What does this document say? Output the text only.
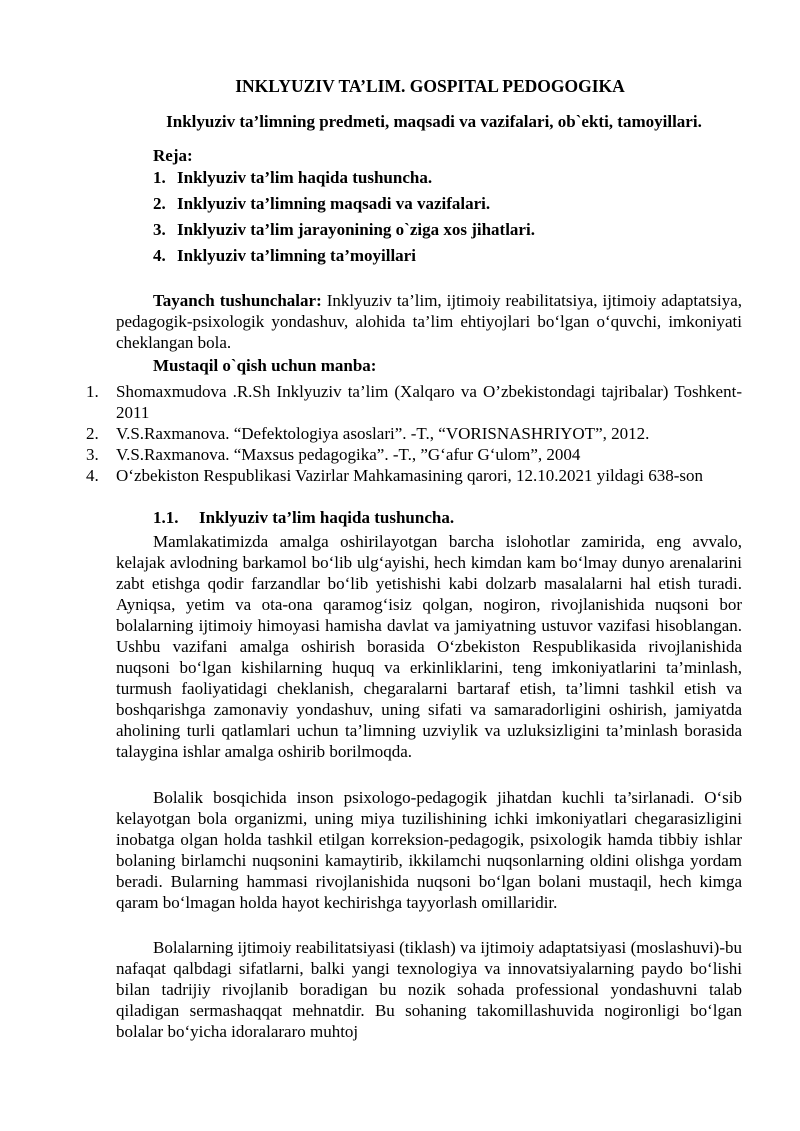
INKLYUZIV TA’LIM. GOSPITAL PEDOGOGIKA
Inklyuziv ta’limning predmeti, maqsadi va vazifalari, ob`ekti, tamoyillari.
Reja:
1. Inklyuziv ta’lim haqida tushuncha.
2. Inklyuziv ta’limning maqsadi va vazifalari.
3. Inklyuziv ta’lim jarayonining o`ziga xos jihatlari.
4. Inklyuziv ta’limning ta’moyillari

Tayanch tushunchalar: Inklyuziv ta’lim, ijtimoiy reabilitatsiya, ijtimoiy adaptatsiya, pedagogik-psixologik yondashuv, alohida ta’lim ehtiyojlari bo‘lgan o‘quvchi, imkoniyati cheklangan bola.

Mustaqil o`qish uchun manba:
1. Shomaxmudova .R.Sh Inklyuziv ta’lim (Xalqaro va O’zbekistondagi tajribalar) Toshkent-2011
2. V.S.Raxmanova. “Defektologiya asoslari”. -T., “VORISNASHRIYOT”, 2012.
3. V.S.Raxmanova. “Maxsus pedagogika”. -T., ”G‘afur G‘ulom”, 2004
4. O‘zbekiston Respublikasi Vazirlar Mahkamasining qarori, 12.10.2021 yildagi 638-son
1.1. Inklyuziv ta’lim haqida tushuncha.

Mamlakatimizda amalga oshirilayotgan barcha islohotlar zamirida, eng avvalo, kelajak avlodning barkamol bo‘lib ulg‘ayishi, hech kimdan kam bo‘lmay dunyo arenalarini zabt etishga qodir farzandlar bo‘lib yetishishi kabi dolzarb masalalarni hal etish turadi. Ayniqsa, yetim va ota-ona qaramog‘isiz qolgan, nogiron, rivojlanishida nuqsoni bor bolalarning ijtimoiy himoyasi hamisha davlat va jamiyatning ustuvor vazifasi hisoblangan. Ushbu vazifani amalga oshirish borasida O‘zbekiston Respublikasida rivojlanishida nuqsoni bo‘lgan kishilarning huquq va erkinliklarini, teng imkoniyatlarini ta’minlash, turmush faoliyatidagi cheklanish, chegaralarni bartaraf etish, ta’limni tashkil etish va boshqarishga zamonaviy yondashuv, uning sifati va samaradorligini oshirish, jamiyatda aholining turli qatlamlari uchun ta’limning uzviylik va uzluksizligini ta’minlash borasida talaygina ishlar amalga oshirib borilmoqda.

Bolalik bosqichida inson psixologo-pedagogik jihatdan kuchli ta’sirlanadi. O‘sib kelayotgan bola organizmi, uning miya tuzilishining ichki imkoniyatlari chegarasizligini inobatga olgan holda tashkil etilgan korreksion-pedagogik, psixologik hamda tibbiy ishlar bolaning birlamchi nuqsonini kamaytirib, ikkilamchi nuqsonlarning oldini olishga yordam beradi. Bularning hammasi rivojlanishida nuqsoni bo‘lgan bolani mustaqil, hech kimga qaram bo‘lmagan holda hayot kechirishga tayyorlash omillaridir.

Bolalarning ijtimoiy reabilitatsiyasi (tiklash) va ijtimoiy adaptatsiyasi (moslashuvi)-bu nafaqat qalbdagi sifatlarni, balki yangi texnologiya va innovatsiyalarning paydo bo‘lishi bilan tadrijiy rivojlanib boradigan bu nozik sohada professional yondashuvni talab qiladigan sermashaqqat mehnatdir. Bu sohaning takomillashuvida nogironligi bo‘lgan bolalar bo‘yicha idoralararo muhtoj
